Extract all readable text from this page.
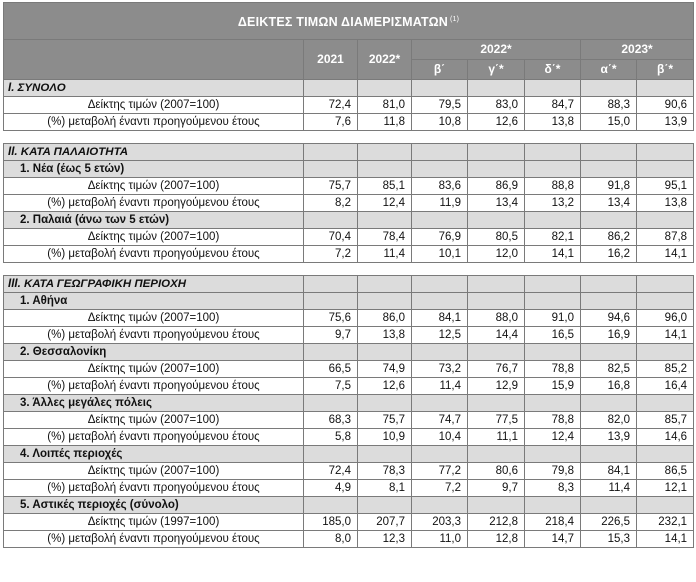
ΔΕΙΚΤΕΣ ΤΙΜΩΝ ΔΙΑΜΕΡΙΣΜΑΤΩΝ $^{(1)}$
	2021	2022*	2022*			2023*	
			β΄	γ΄*	δ΄*	α΄*	β΄*
I. ΣΥΝΟΛΟ							
Δείκτης τιμών (2007=100)	72,4	81,0	79,5	83,0	84,7	88,3	90,6
(%) μεταβολή έναντι προηγούμενου έτους	7,6	11,8	10,8	12,6	13,8	15,0	13,9

II. ΚΑΤΑ ΠΑΛΑΙΟΤΗΤΑ							
1. Νέα (έως 5 ετών)							
Δείκτης τιμών (2007=100)	75,7	85,1	83,6	86,9	88,8	91,8	95,1
(%) μεταβολή έναντι προηγούμενου έτους	8,2	12,4	11,9	13,4	13,2	13,4	13,8
2. Παλαιά (άνω των 5 ετών)							
Δείκτης τιμών (2007=100)	70,4	78,4	76,9	80,5	82,1	86,2	87,8
(%) μεταβολή έναντι προηγούμενου έτους	7,2	11,4	10,1	12,0	14,1	16,2	14,1

III. ΚΑΤΑ ΓΕΩΓΡΑΦΙΚΗ ΠΕΡΙΟΧΗ							
1. Αθήνα							
Δείκτης τιμών (2007=100)	75,6	86,0	84,1	88,0	91,0	94,6	96,0
(%) μεταβολή έναντι προηγούμενου έτους	9,7	13,8	12,5	14,4	16,5	16,9	14,1
2. Θεσσαλονίκη							
Δείκτης τιμών (2007=100)	66,5	74,9	73,2	76,7	78,8	82,5	85,2
(%) μεταβολή έναντι προηγούμενου έτους	7,5	12,6	11,4	12,9	15,9	16,8	16,4
3. Άλλες μεγάλες πόλεις							
Δείκτης τιμών (2007=100)	68,3	75,7	74,7	77,5	78,8	82,0	85,7
(%) μεταβολή έναντι προηγούμενου έτους	5,8	10,9	10,4	11,1	12,4	13,9	14,6
4. Λοιπές περιοχές							
Δείκτης τιμών (2007=100)	72,4	78,3	77,2	80,6	79,8	84,1	86,5
(%) μεταβολή έναντι προηγούμενου έτους	4,9	8,1	7,2	9,7	8,3	11,4	12,1
5. Αστικές περιοχές (σύνολο)							
Δείκτης τιμών (1997=100)	185,0	207,7	203,3	212,8	218,4	226,5	232,1
(%) μεταβολή έναντι προηγούμενου έτους	8,0	12,3	11,0	12,8	14,7	15,3	14,1
